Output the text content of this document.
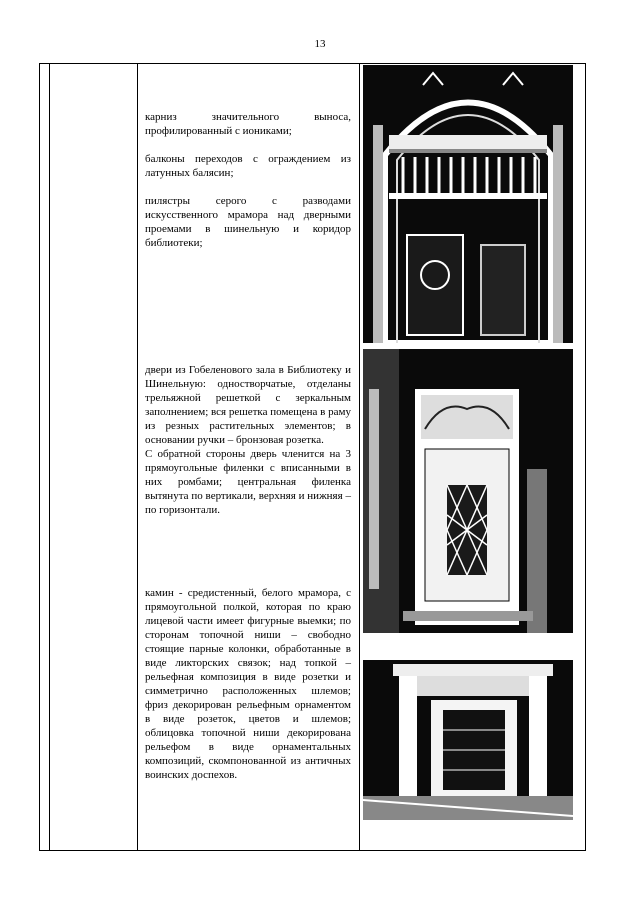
13

карниз значительного выноса, профилированный с иониками;

балконы переходов с ограждением из латунных балясин;

пилястры серого с разводами искусственного мрамора над дверными проемами в шинельную и коридор библиотеки;

двери из Гобеленового зала в Библиотеку и Шинельную: одностворчатые, отделаны трельяжной решеткой с зеркальным заполнением; вся решетка помещена в раму из резных растительных элементов; в основании ручки – бронзовая розетка.

С обратной стороны дверь членится на 3 прямоугольные филенки с вписанными в них ромбами; центральная филенка вытянута по вертикали, верхняя и нижняя – по горизонтали.

камин - средистенный, белого мрамора, с прямоугольной полкой, которая по краю лицевой части имеет фигурные выемки; по сторонам топочной ниши – свободно стоящие парные колонки, обработанные в виде ликторских связок; над топкой – рельефная композиция в виде розетки и симметрично расположенных шлемов; фриз декорирован рельефным орнаментом в виде розеток, цветов и шлемов; облицовка топочной ниши декорирована рельефом в виде орнаментальных композиций, скомпонованной из античных воинских доспехов.
